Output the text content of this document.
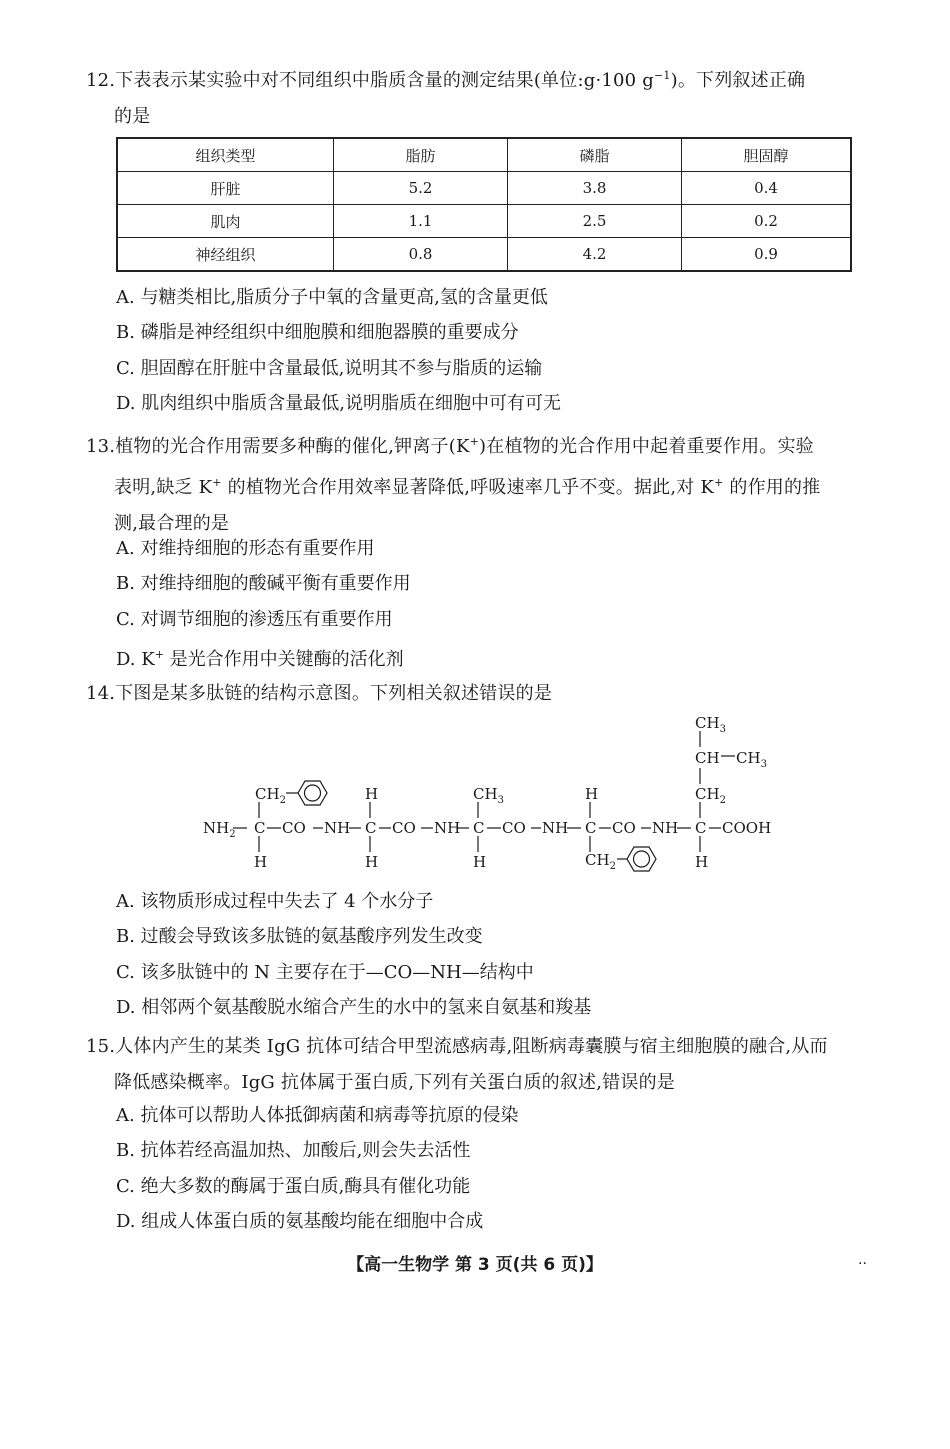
12.下表表示某实验中对不同组织中脂质含量的测定结果(单位:g·100 $g^{-1}$)。下列叙述正确
的是
组织类型	脂肪	磷脂	胆固醇
肝脏	5.2	3.8	0.4
肌肉	1.1	2.5	0.2
神经组织	0.8	4.2	0.9
A. 与糖类相比,脂质分子中氧的含量更高,氢的含量更低
B. 磷脂是神经组织中细胞膜和细胞器膜的重要成分
C. 胆固醇在肝脏中含量最低,说明其不参与脂质的运输
D. 肌肉组织中脂质含量最低,说明脂质在细胞中可有可无
13.植物的光合作用需要多种酶的催化,钾离子(K+)在植物的光合作用中起着重要作用。实验
表明,缺乏 K+ 的植物光合作用效率显著降低,呼吸速率几乎不变。据此,对 K+ 的作用的推
测,最合理的是
A. 对维持细胞的形态有重要作用
B. 对维持细胞的酸碱平衡有重要作用
C. 对调节细胞的渗透压有重要作用
D. K+ 是光合作用中关键酶的活化剂
14.下图是某多肽链的结构示意图。下列相关叙述错误的是
$NH_2$ C CO NH C CO NH C CO NH C CO NH C COOH
$CH_2$	H	$CH_3$	H	$CH_2$
CH $CH_3$
$CH_3$
H	H	H	$CH_2$	H
A. 该物质形成过程中失去了 4 个水分子
B. 过酸会导致该多肽链的氨基酸序列发生改变
C. 该多肽链中的 N 主要存在于—CO—NH—结构中
D. 相邻两个氨基酸脱水缩合产生的水中的氢来自氨基和羧基
15.人体内产生的某类 IgG 抗体可结合甲型流感病毒,阻断病毒囊膜与宿主细胞膜的融合,从而
降低感染概率。IgG 抗体属于蛋白质,下列有关蛋白质的叙述,错误的是
A. 抗体可以帮助人体抵御病菌和病毒等抗原的侵染
B. 抗体若经高温加热、加酸后,则会失去活性
C. 绝大多数的酶属于蛋白质,酶具有催化功能
D. 组成人体蛋白质的氨基酸均能在细胞中合成
【高一生物学 第 3 页(共 6 页)】	..
